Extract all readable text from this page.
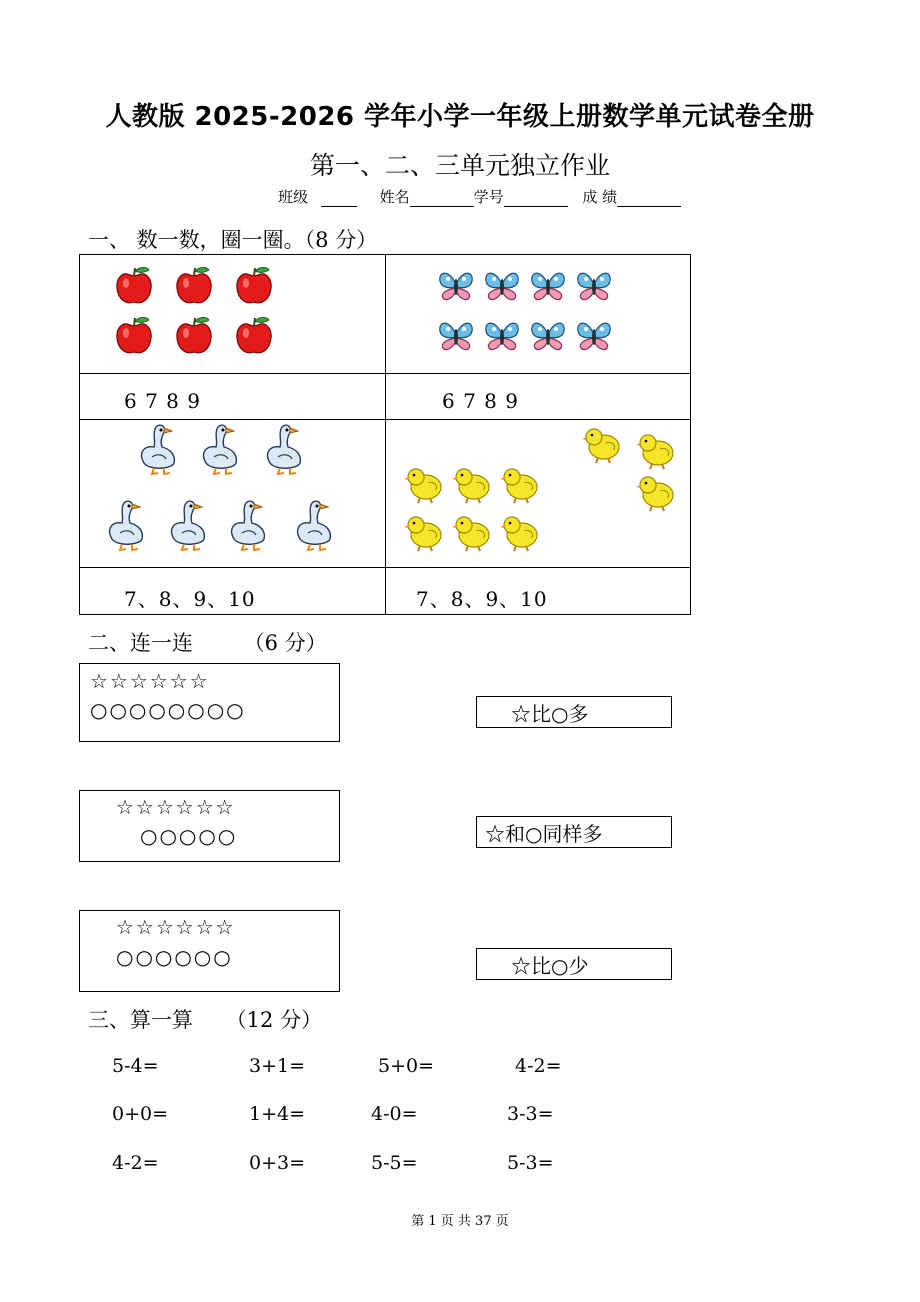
人教版 2025-2026 学年小学一年级上册数学单元试卷全册
第一、二、三单元独立作业
班级	姓名	学号	成 绩
一、 数一数，圈一圈。（8 分）
6 7 8 9	6 7 8 9
7、8、9、10	7、8、9、10
二、连一连 （6 分）
☆☆☆☆☆☆
○○○○○○○○
☆☆☆☆☆☆
○○○○○
☆☆☆☆☆☆
○○○○○○
☆比○多
☆和○同样多
☆比○少
三、算一算 （12 分）
5-4=	3+1=	5+0=	4-2=
0+0=	1+4=	4-0=	3-3=
4-2=	0+3=	5-5=	5-3=
第 1 页 共 37 页
